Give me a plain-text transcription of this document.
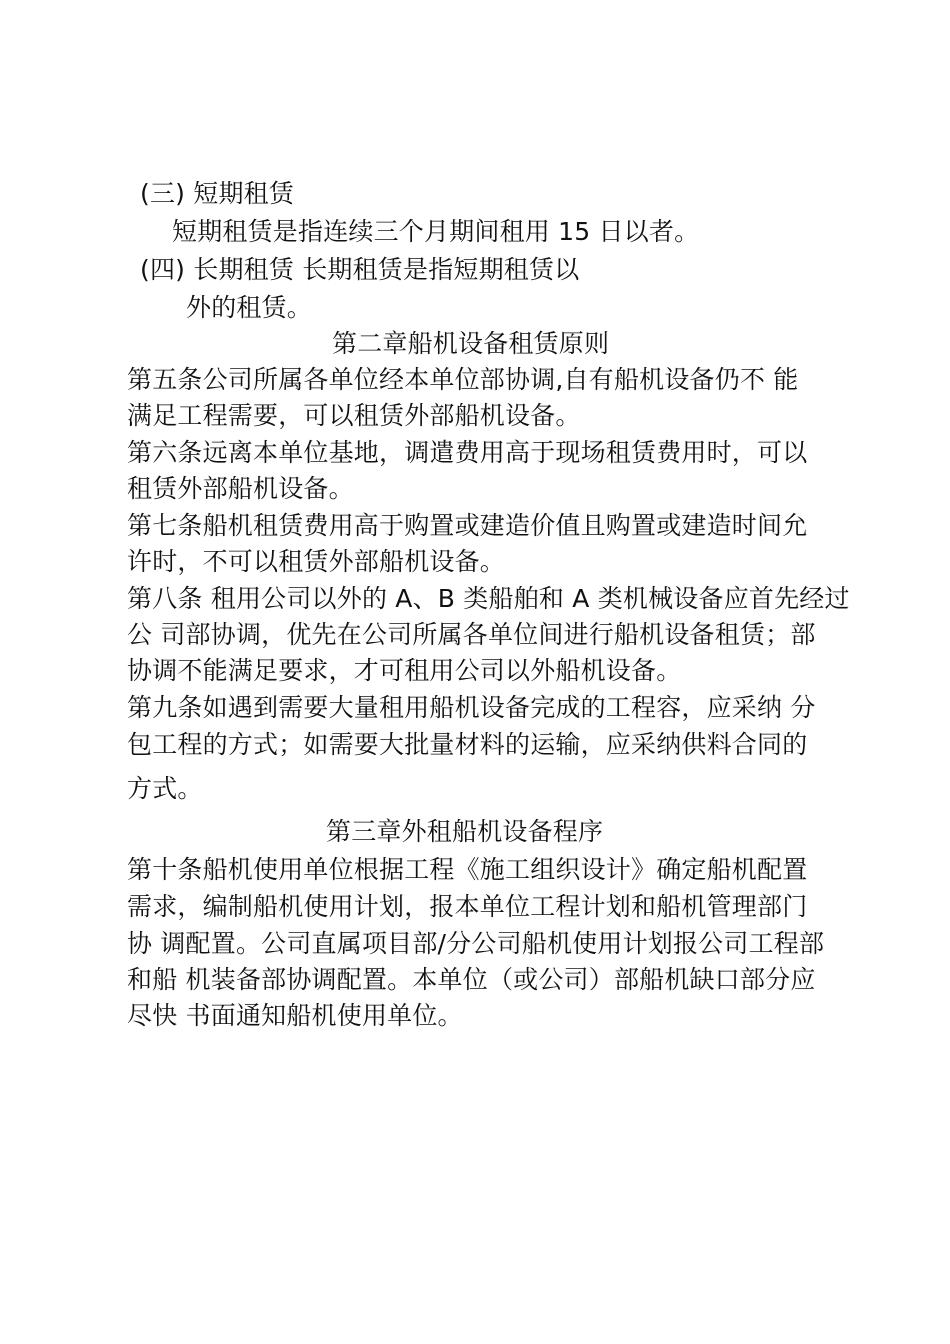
(三) 短期租赁
短期租赁是指连续三个月期间租用 15 日以者。
(四) 长期租赁 长期租赁是指短期租赁以
外的租赁。
第二章船机设备租赁原则
第五条公司所属各单位经本单位部协调,自有船机设备仍不 能
满足工程需要，可以租赁外部船机设备。
第六条远离本单位基地，调遣费用高于现场租赁费用时，可以
租赁外部船机设备。
第七条船机租赁费用高于购置或建造价值且购置或建造时间允
许时，不可以租赁外部船机设备。
第八条 租用公司以外的 A、B 类船舶和 A 类机械设备应首先经过
公 司部协调，优先在公司所属各单位间进行船机设备租赁；部
协调不能满足要求，才可租用公司以外船机设备。
第九条如遇到需要大量租用船机设备完成的工程容，应采纳 分
包工程的方式；如需要大批量材料的运输，应采纳供料合同的
方式。
第三章外租船机设备程序
第十条船机使用单位根据工程《施工组织设计》确定船机配置
需求，编制船机使用计划，报本单位工程计划和船机管理部门
协 调配置。公司直属项目部/分公司船机使用计划报公司工程部
和船 机装备部协调配置。本单位（或公司）部船机缺口部分应
尽快 书面通知船机使用单位。
